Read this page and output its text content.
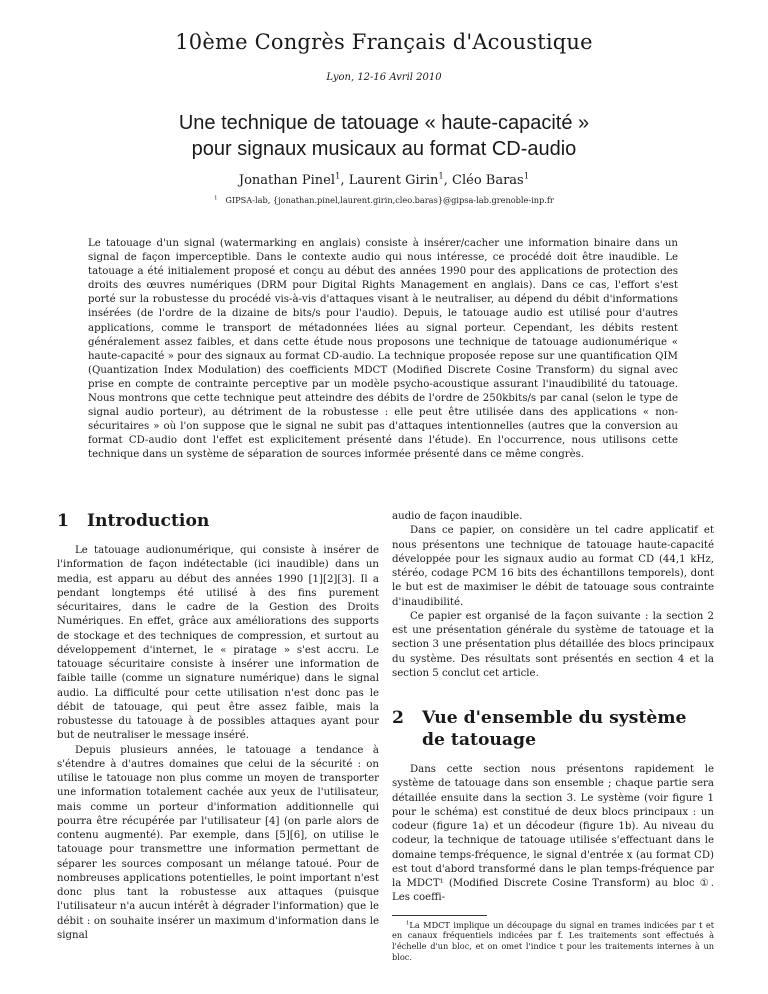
10ème Congrès Français d'Acoustique
Lyon, 12-16 Avril 2010
Une technique de tatouage « haute-capacité »
pour signaux musicaux au format CD-audio
Jonathan Pinel$^1$, Laurent Girin$^1$, Cléo Baras$^1$
$^1$ GIPSA-lab, {jonathan.pinel,laurent.girin,cleo.baras}@gipsa-lab.grenoble-inp.fr
Le tatouage d'un signal (watermarking en anglais) consiste à insérer/cacher une information binaire dans un signal de façon imperceptible. Dans le contexte audio qui nous intéresse, ce procédé doit être inaudible. Le tatouage a été initialement proposé et conçu au début des années 1990 pour des applications de protection des droits des œuvres numériques (DRM pour Digital Rights Management en anglais). Dans ce cas, l'effort s'est porté sur la robustesse du procédé vis-à-vis d'attaques visant à le neutraliser, au dépend du débit d'informations insérées (de l'ordre de la dizaine de bits/s pour l'audio). Depuis, le tatouage audio est utilisé pour d'autres applications, comme le transport de métadonnées liées au signal porteur. Cependant, les débits restent généralement assez faibles, et dans cette étude nous proposons une technique de tatouage audionumérique « haute-capacité » pour des signaux au format CD-audio. La technique proposée repose sur une quantification QIM (Quantization Index Modulation) des coefficients MDCT (Modified Discrete Cosine Transform) du signal avec prise en compte de contrainte perceptive par un modèle psycho-acoustique assurant l'inaudibilité du tatouage. Nous montrons que cette technique peut atteindre des débits de l'ordre de 250kbits/s par canal (selon le type de signal audio porteur), au détriment de la robustesse : elle peut être utilisée dans des applications « non-sécuritaires » où l'on suppose que le signal ne subit pas d'attaques intentionnelles (autres que la conversion au format CD-audio dont l'effet est explicitement présenté dans l'étude). En l'occurrence, nous utilisons cette technique dans un système de séparation de sources informée présenté dans ce même congrès.
1	Introduction

Le tatouage audionumérique, qui consiste à insérer de l'information de façon indétectable (ici inaudible) dans un media, est apparu au début des années 1990 [1][2][3]. Il a pendant longtemps été utilisé à des fins purement sécuritaires, dans le cadre de la Gestion des Droits Numériques. En effet, grâce aux améliorations des supports de stockage et des techniques de compression, et surtout au développement d'internet, le « piratage » s'est accru. Le tatouage sécuritaire consiste à insérer une information de faible taille (comme un signature numérique) dans le signal audio. La difficulté pour cette utilisation n'est donc pas le débit de tatouage, qui peut être assez faible, mais la robustesse du tatouage à de possibles attaques ayant pour but de neutraliser le message inséré.

Depuis plusieurs années, le tatouage a tendance à s'étendre à d'autres domaines que celui de la sécurité : on utilise le tatouage non plus comme un moyen de transporter une information totalement cachée aux yeux de l'utilisateur, mais comme un porteur d'information additionnelle qui pourra être récupérée par l'utilisateur [4] (on parle alors de contenu augmenté). Par exemple, dans [5][6], on utilise le tatouage pour transmettre une information permettant de séparer les sources composant un mélange tatoué. Pour de nombreuses applications potentielles, le point important n'est donc plus tant la robustesse aux attaques (puisque l'utilisateur n'a aucun intérêt à dégrader l'information) que le débit : on souhaite insérer un maximum d'information dans le signal

audio de façon inaudible.

Dans ce papier, on considère un tel cadre applicatif et nous présentons une technique de tatouage haute-capacité développée pour les signaux audio au format CD (44,1 kHz, stéréo, codage PCM 16 bits des échantillons temporels), dont le but est de maximiser le débit de tatouage sous contrainte d'inaudibilité.

Ce papier est organisé de la façon suivante : la section 2 est une présentation générale du système de tatouage et la section 3 une présentation plus détaillée des blocs principaux du système. Des résultats sont présentés en section 4 et la section 5 conclut cet article.

2	Vue d'ensemble du système de tatouage

Dans cette section nous présentons rapidement le système de tatouage dans son ensemble ; chaque partie sera détaillée ensuite dans la section 3. Le système (voir figure 1 pour le schéma) est constitué de deux blocs principaux : un codeur (figure 1a) et un décodeur (figure 1b). Au niveau du codeur, la technique de tatouage utilisée s'effectuant dans le domaine temps-fréquence, le signal d'entrée x (au format CD) est tout d'abord transformé dans le plan temps-fréquence par la MDCT¹ (Modified Discrete Cosine Transform) au bloc ①. Les coeffi-

$^1$La MDCT implique un découpage du signal en trames indicées par t et en canaux fréquentiels indicées par f. Les traitements sont effectués à l'échelle d'un bloc, et on omet l'indice t pour les traitements internes à un bloc.
